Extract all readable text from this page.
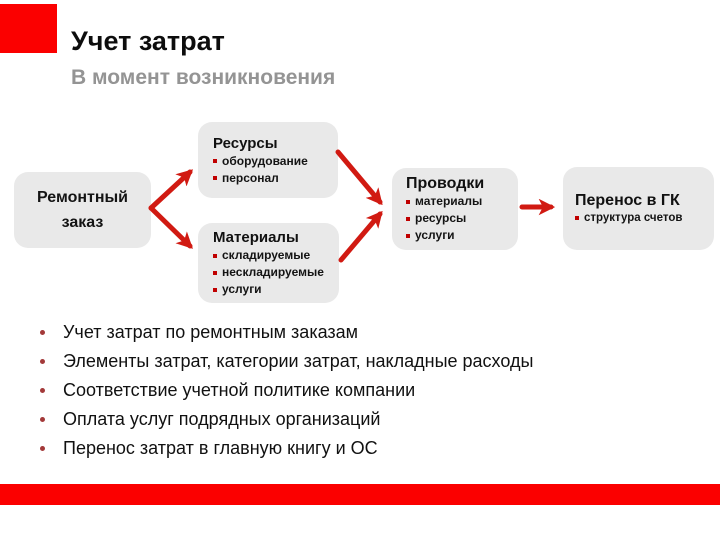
Учет затрат
В момент возникновения
Ремонтный
заказ
Ресурсы
оборудование
персонал
Материалы
складируемые
нескладируемые
услуги
Проводки
материалы
ресурсы
услуги
Перенос в ГК
структура счетов
Учет затрат по ремонтным заказам
Элементы затрат, категории затрат, накладные расходы
Соответствие учетной политике компании
Оплата услуг подрядных организаций
Перенос затрат в главную книгу и ОС
